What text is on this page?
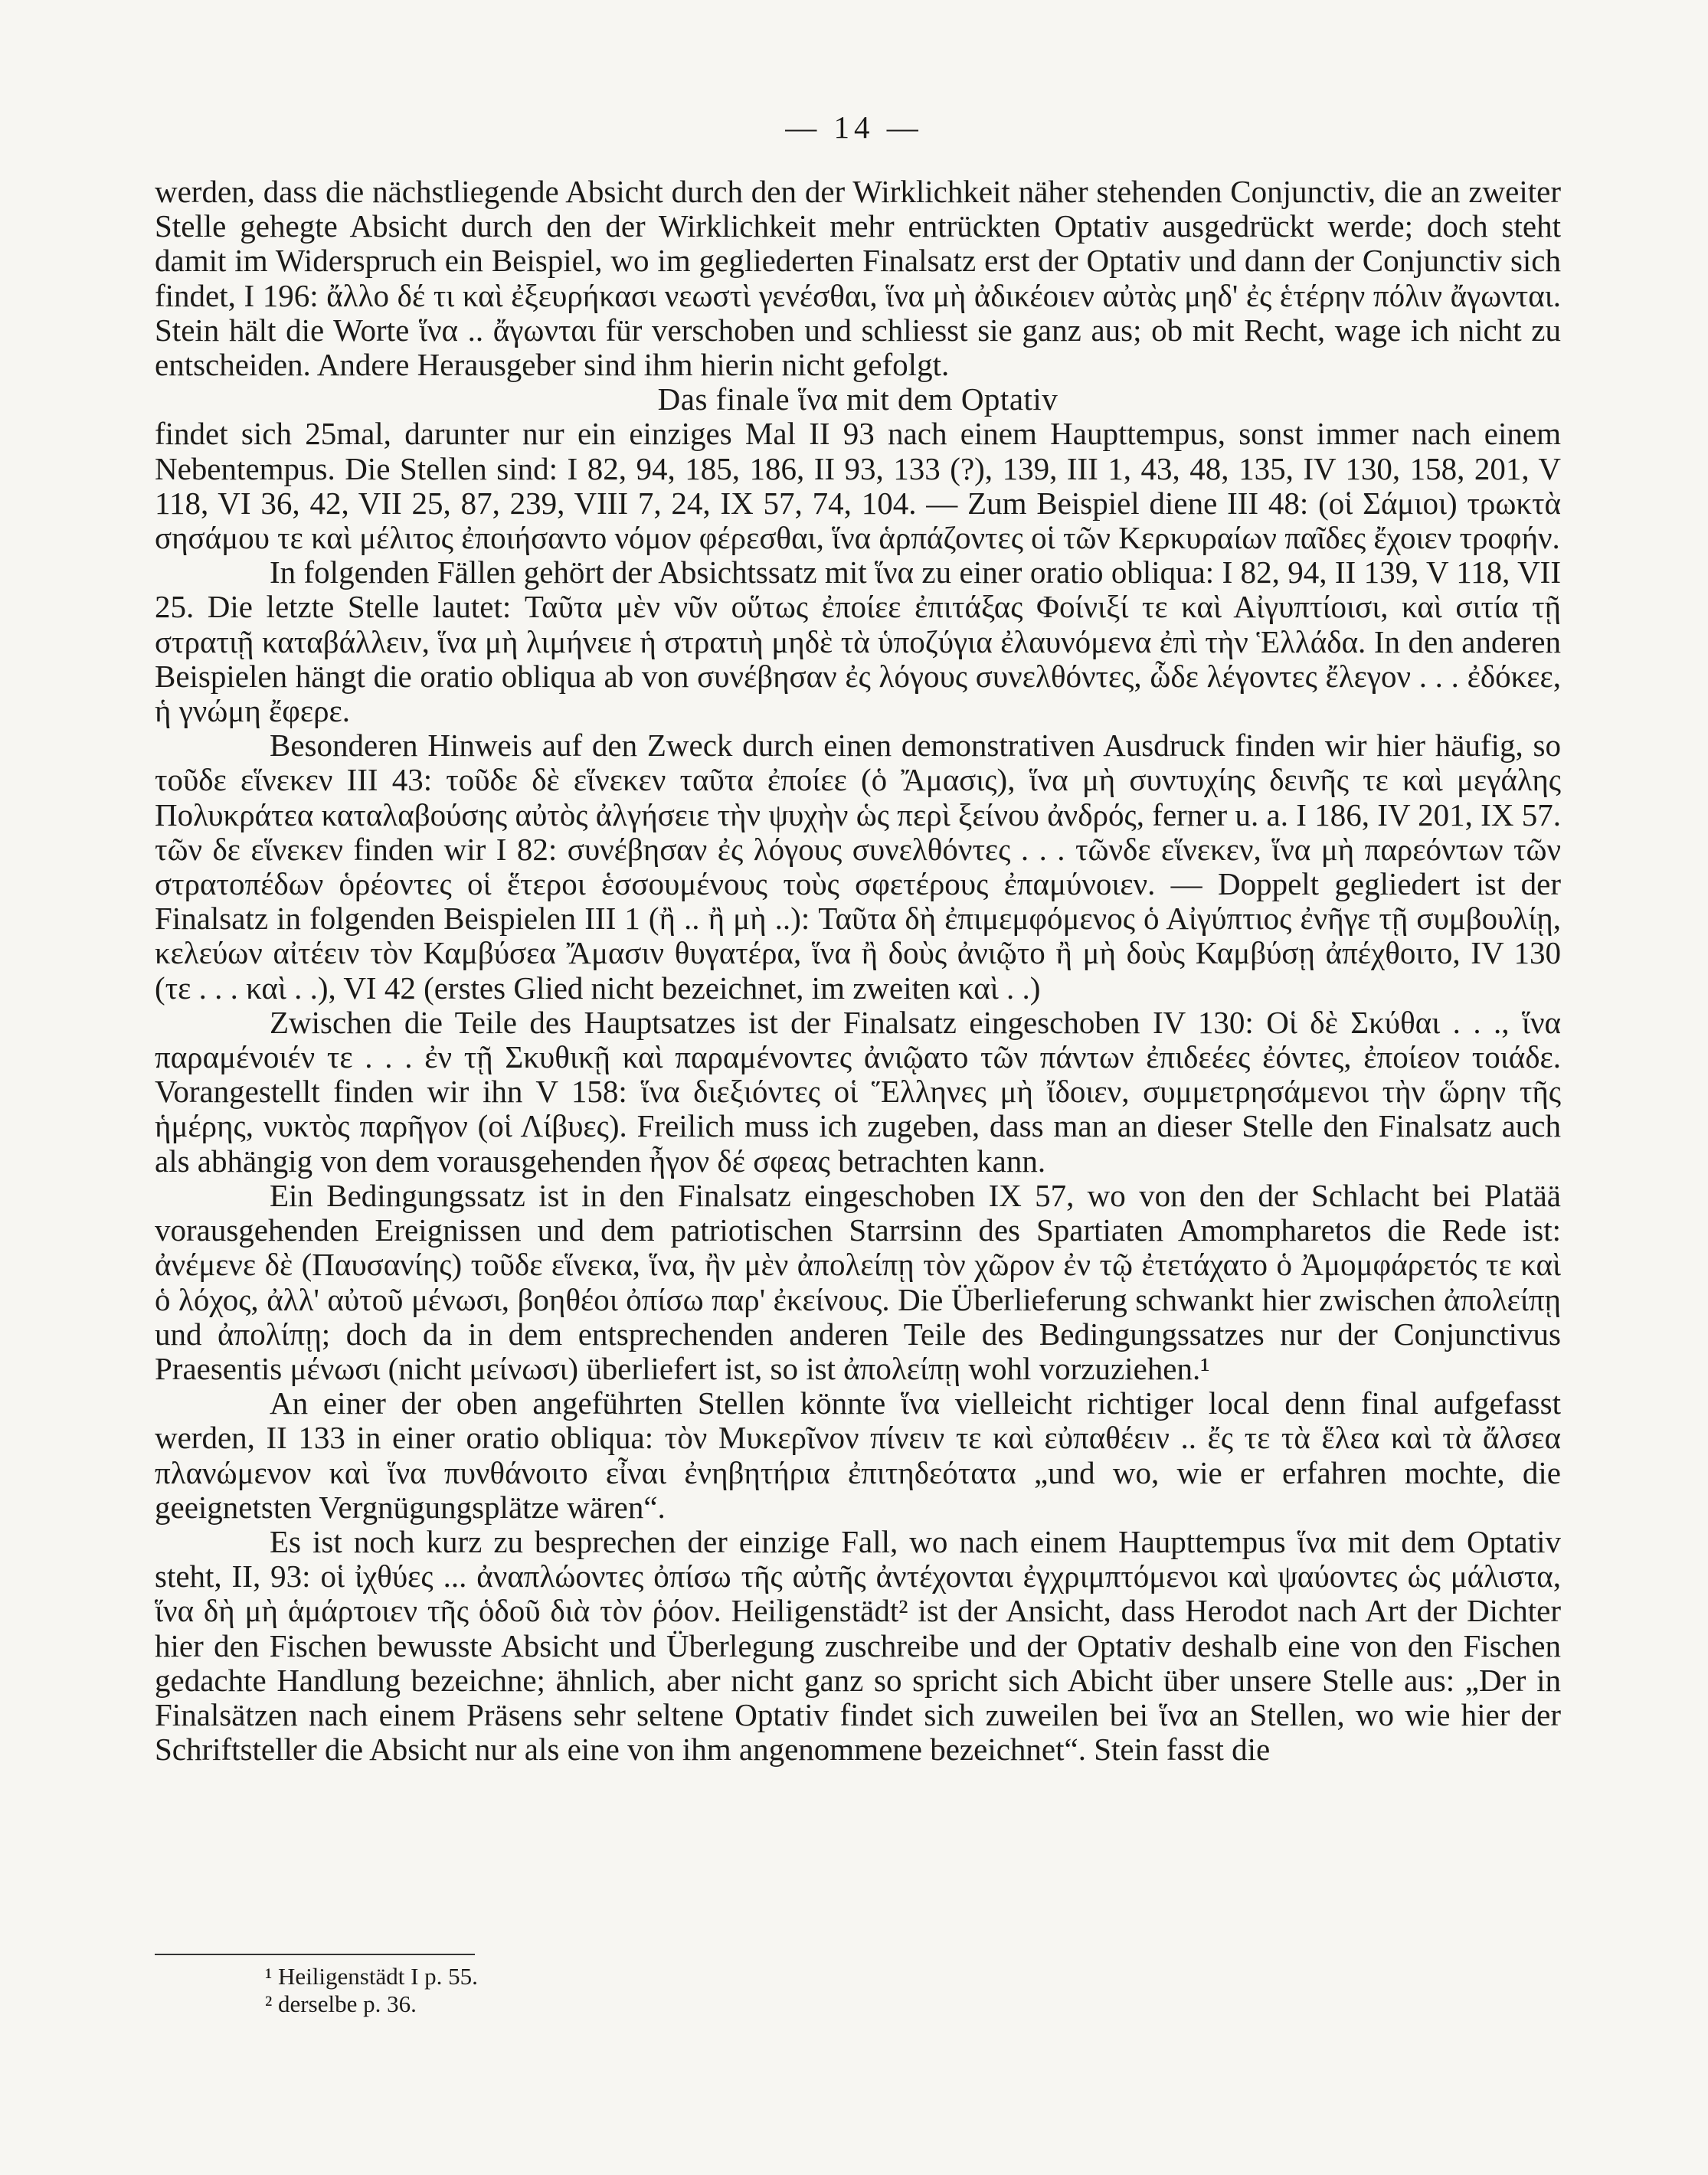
— 14 —

werden, dass die nächstliegende Absicht durch den der Wirklichkeit näher stehenden Conjunctiv, die an zweiter Stelle gehegte Absicht durch den der Wirklichkeit mehr entrückten Optativ ausgedrückt werde; doch steht damit im Widerspruch ein Beispiel, wo im gegliederten Finalsatz erst der Optativ und dann der Conjunctiv sich findet, I 196: ἄλλο δέ τι καὶ ἐξευρήκασι νεωστὶ γενέσθαι, ἵνα μὴ ἀδικέοιεν αὐτὰς μηδ' ἐς ἑτέρην πόλιν ἄγωνται. Stein hält die Worte ἵνα .. ἄγωνται für verschoben und schliesst sie ganz aus; ob mit Recht, wage ich nicht zu entscheiden. Andere Herausgeber sind ihm hierin nicht gefolgt.

Das finale ἵνα mit dem Optativ

findet sich 25mal, darunter nur ein einziges Mal II 93 nach einem Haupttempus, sonst immer nach einem Nebentempus. Die Stellen sind: I 82, 94, 185, 186, II 93, 133 (?), 139, III 1, 43, 48, 135, IV 130, 158, 201, V 118, VI 36, 42, VII 25, 87, 239, VIII 7, 24, IX 57, 74, 104. — Zum Beispiel diene III 48: (οἱ Σάμιοι) τρωκτὰ σησάμου τε καὶ μέλιτος ἐποιήσαντο νόμον φέρεσθαι, ἵνα ἁρπάζοντες οἱ τῶν Κερκυραίων παῖδες ἔχοιεν τροφήν.

In folgenden Fällen gehört der Absichtssatz mit ἵνα zu einer oratio obliqua: I 82, 94, II 139, V 118, VII 25. Die letzte Stelle lautet: Ταῦτα μὲν νῦν οὕτως ἐποίεε ἐπιτάξας Φοίνιξί τε καὶ Αἰγυπτίοισι, καὶ σιτία τῇ στρατιῇ καταβάλλειν, ἵνα μὴ λιμήνειε ἡ στρατιὴ μηδὲ τὰ ὑποζύγια ἐλαυνόμενα ἐπὶ τὴν Ἑλλάδα. In den anderen Beispielen hängt die oratio obliqua ab von συνέβησαν ἐς λόγους συνελθόντες, ὧδε λέγοντες ἔλεγον . . . ἐδόκεε, ἡ γνώμη ἔφερε.

Besonderen Hinweis auf den Zweck durch einen demonstrativen Ausdruck finden wir hier häufig, so τοῦδε εἵνεκεν III 43: τοῦδε δὲ εἵνεκεν ταῦτα ἐποίεε (ὁ Ἄμασις), ἵνα μὴ συντυχίης δεινῆς τε καὶ μεγάλης Πολυκράτεα καταλαβούσης αὐτὸς ἀλγήσειε τὴν ψυχὴν ὡς περὶ ξείνου ἀνδρός, ferner u. a. I 186, IV 201, IX 57. τῶν δε εἵνεκεν finden wir I 82: συνέβησαν ἐς λόγους συνελθόντες . . . τῶνδε εἵνεκεν, ἵνα μὴ παρεόντων τῶν στρατοπέδων ὁρέοντες οἱ ἕτεροι ἑσσουμένους τοὺς σφετέρους ἐπαμύνοιεν. — Doppelt gegliedert ist der Finalsatz in folgenden Beispielen III 1 (ἢ .. ἢ μὴ ..): Ταῦτα δὴ ἐπιμεμφόμενος ὁ Αἰγύπτιος ἐνῆγε τῇ συμβουλίῃ, κελεύων αἰτέειν τὸν Καμβύσεα Ἄμασιν θυγατέρα, ἵνα ἢ δοὺς ἀνιῷτο ἢ μὴ δοὺς Καμβύσῃ ἀπέχθοιτο, IV 130 (τε . . . καὶ . .), VI 42 (erstes Glied nicht bezeichnet, im zweiten καὶ . .)

Zwischen die Teile des Hauptsatzes ist der Finalsatz eingeschoben IV 130: Οἱ δὲ Σκύθαι . . ., ἵνα παραμένοιέν τε . . . ἐν τῇ Σκυθικῇ καὶ παραμένοντες ἀνιῷατο τῶν πάντων ἐπιδεέες ἐόντες, ἐποίεον τοιάδε. Vorangestellt finden wir ihn V 158: ἵνα διεξιόντες οἱ Ἕλληνες μὴ ἴδοιεν, συμμετρησάμενοι τὴν ὥρην τῆς ἡμέρης, νυκτὸς παρῆγον (οἱ Λίβυες). Freilich muss ich zugeben, dass man an dieser Stelle den Finalsatz auch als abhängig von dem vorausgehenden ἦγον δέ σφεας betrachten kann.

Ein Bedingungssatz ist in den Finalsatz eingeschoben IX 57, wo von den der Schlacht bei Platää vorausgehenden Ereignissen und dem patriotischen Starrsinn des Spartiaten Amompharetos die Rede ist: ἀνέμενε δὲ (Παυσανίης) τοῦδε εἵνεκα, ἵνα, ἢν μὲν ἀπολείπῃ τὸν χῶρον ἐν τῷ ἐτετάχατο ὁ Ἀμομφάρετός τε καὶ ὁ λόχος, ἀλλ' αὐτοῦ μένωσι, βοηθέοι ὀπίσω παρ' ἐκείνους. Die Überlieferung schwankt hier zwischen ἀπολείπῃ und ἀπολίπῃ; doch da in dem entsprechenden anderen Teile des Bedingungssatzes nur der Conjunctivus Praesentis μένωσι (nicht μείνωσι) überliefert ist, so ist ἀπολείπῃ wohl vorzuziehen.¹

An einer der oben angeführten Stellen könnte ἵνα vielleicht richtiger local denn final aufgefasst werden, II 133 in einer oratio obliqua: τὸν Μυκερῖνον πίνειν τε καὶ εὐπαθέειν .. ἔς τε τὰ ἕλεα καὶ τὰ ἄλσεα πλανώμενον καὶ ἵνα πυνθάνοιτο εἶναι ἐνηβητήρια ἐπιτηδεότατα „und wo, wie er erfahren mochte, die geeignetsten Vergnügungsplätze wären“.

Es ist noch kurz zu besprechen der einzige Fall, wo nach einem Haupttempus ἵνα mit dem Optativ steht, II, 93: οἱ ἰχθύες ... ἀναπλώοντες ὀπίσω τῆς αὐτῆς ἀντέχονται ἐγχριμπτόμενοι καὶ ψαύοντες ὡς μάλιστα, ἵνα δὴ μὴ ἁμάρτοιεν τῆς ὁδοῦ διὰ τὸν ῥόον. Heiligenstädt² ist der Ansicht, dass Herodot nach Art der Dichter hier den Fischen bewusste Absicht und Überlegung zuschreibe und der Optativ deshalb eine von den Fischen gedachte Handlung bezeichne; ähnlich, aber nicht ganz so spricht sich Abicht über unsere Stelle aus: „Der in Finalsätzen nach einem Präsens sehr seltene Optativ findet sich zuweilen bei ἵνα an Stellen, wo wie hier der Schriftsteller die Absicht nur als eine von ihm angenommene bezeichnet“. Stein fasst die

¹ Heiligenstädt I p. 55.
² derselbe p. 36.
